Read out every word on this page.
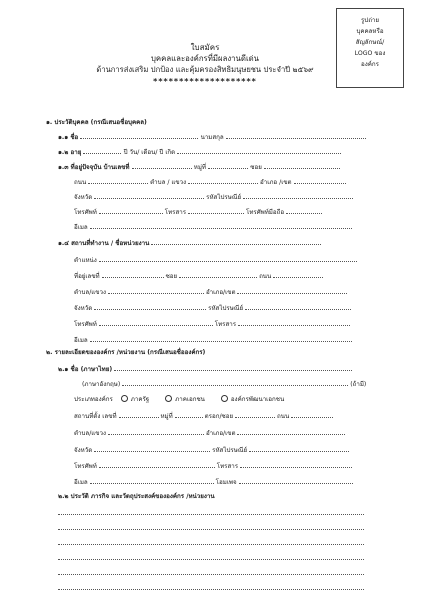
รูปถ่าย
บุคคลหรือ
สัญลักษณ์/
LOGO ของ
องค์กร
ใบสมัคร
บุคคลและองค์กรที่มีผลงานดีเด่น
ด้านการส่งเสริม ปกป้อง และคุ้มครองสิทธิมนุษยชน ประจำปี ๒๕๖๙
********************
๑. ประวัติบุคคล (กรณีเสนอชื่อบุคคล)
๑.๑ ชื่อ	นามสกุล
๑.๒ อายุ	ปี วัน/ เดือน/ ปี เกิด
๑.๓ ที่อยู่ปัจจุบัน บ้านเลขที่	หมู่ที่	ซอย
ถนน	ตำบล / แขวง	อำเภอ /เขต
จังหวัด	รหัสไปรษณีย์
โทรศัพท์	โทรสาร	โทรศัพท์มือถือ
อีเมล
๑.๔ สถานที่ทำงาน / ชื่อหน่วยงาน
ตำแหน่ง
ที่อยู่เลขที่	ซอย	ถนน
ตำบล/แขวง	อำเภอ/เขต
จังหวัด	รหัสไปรษณีย์
โทรศัพท์	โทรสาร
อีเมล
๒. รายละเอียดขององค์กร /หน่วยงาน (กรณีเสนอชื่อองค์กร)
๒.๑ ชื่อ (ภาษาไทย)
(ภาษาอังกฤษ)	(ถ้ามี)
ประเภทองค์กร	ภาครัฐ	ภาคเอกชน	องค์กรพัฒนาเอกชน
สถานที่ตั้ง เลขที่	หมู่ที่	ตรอก/ซอย	ถนน
ตำบล/แขวง	อำเภอ/เขต
จังหวัด	รหัสไปรษณีย์
โทรศัพท์	โทรสาร
อีเมล	โฮมเพจ
๒.๒ ประวัติ ภารกิจ และวัตถุประสงค์ขององค์กร /หน่วยงาน
